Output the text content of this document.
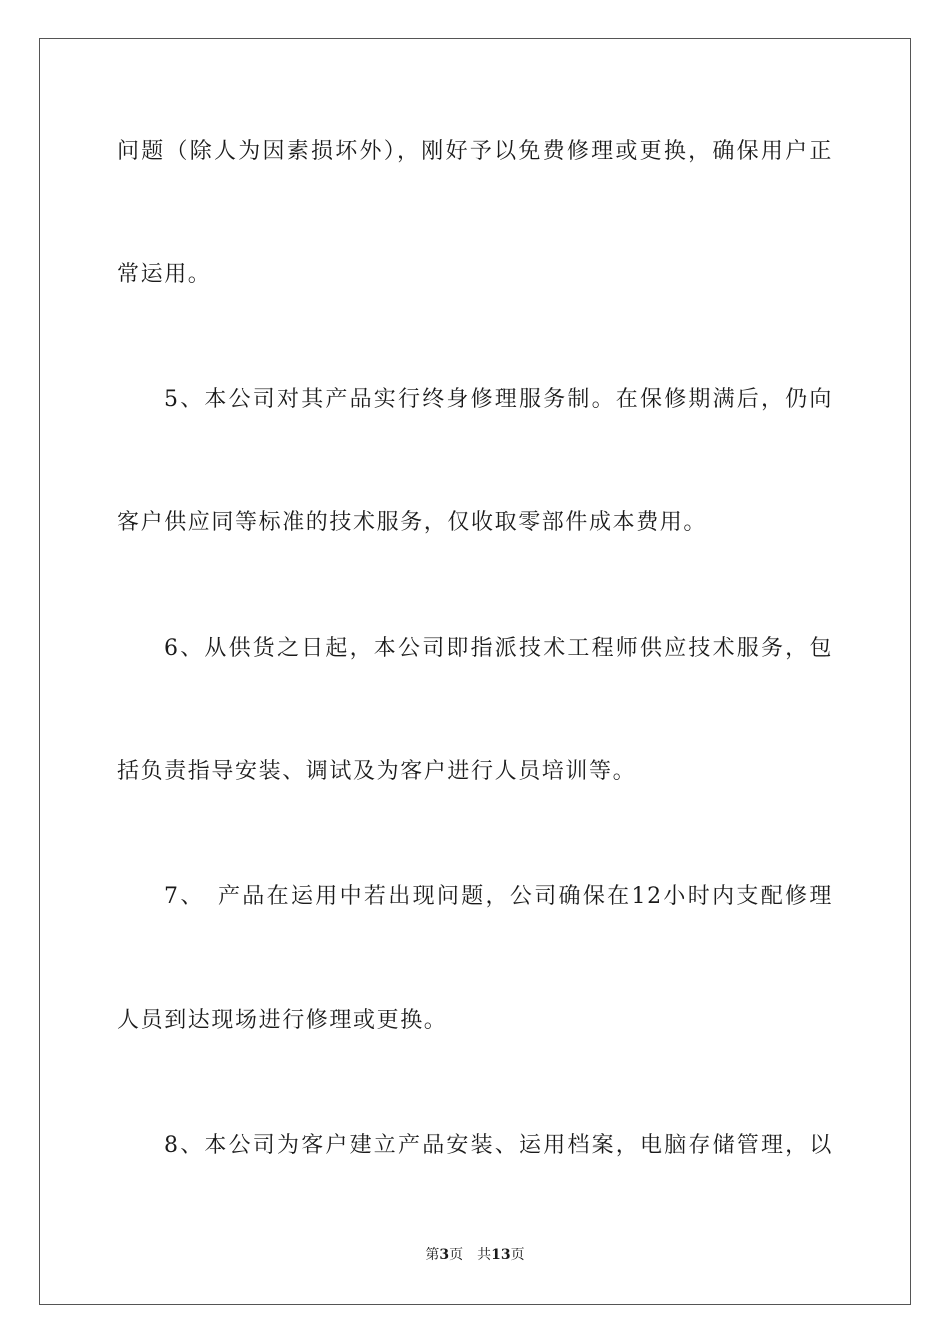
问题（除人为因素损坏外），刚好予以免费修理或更换，确保用户正
常运用。
5、本公司对其产品实行终身修理服务制。在保修期满后，仍向
客户供应同等标准的技术服务，仅收取零部件成本费用。
6、从供货之日起，本公司即指派技术工程师供应技术服务，包
括负责指导安装、调试及为客户进行人员培训等。
7、　产品在运用中若出现问题，公司确保在12小时内支配修理
人员到达现场进行修理或更换。
8、本公司为客户建立产品安装、运用档案，电脑存储管理，以
第3页 共13页
